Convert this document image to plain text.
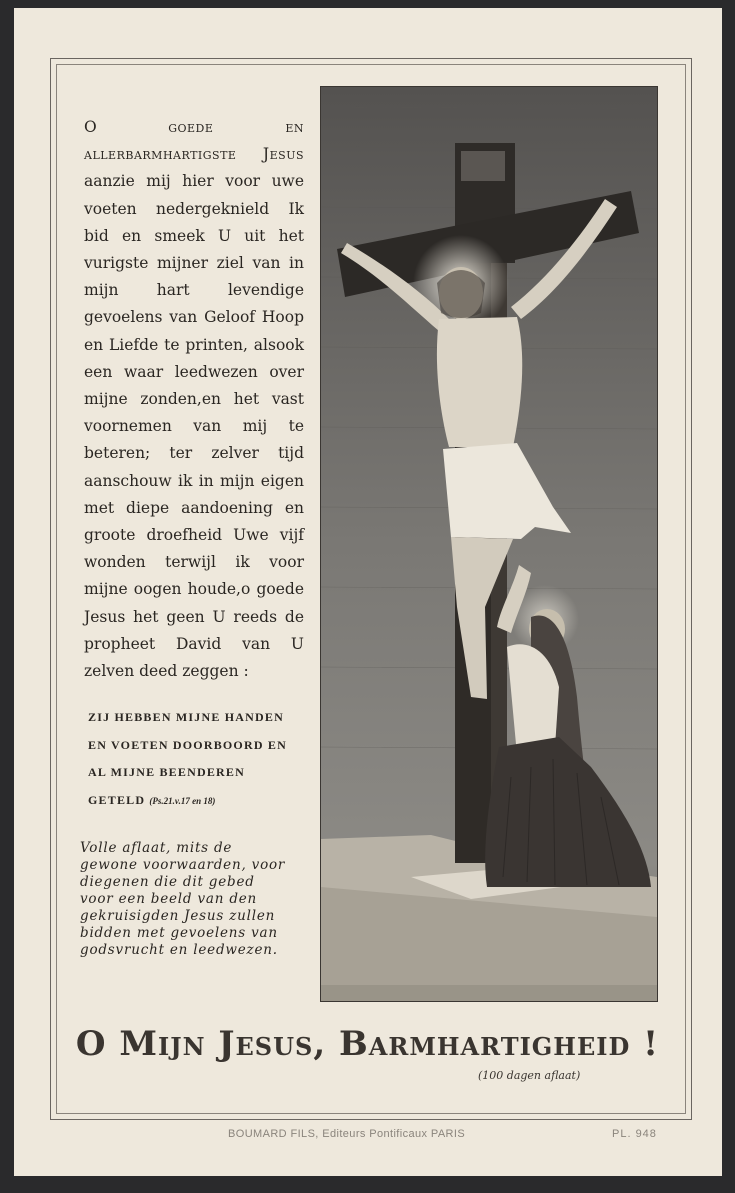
O	goede en allerbarmhartigste Jesus aanzie mij hier voor uwe voeten nedergeknield Ik bid en smeek U uit het vurigste mijner ziel van in mijn hart levendige gevoelens van Geloof Hoop en Liefde te printen, alsook een waar leedwezen over mijne zonden,en het vast voornemen van mij te beteren; ter zelver tijd aanschouw ik in mijn eigen met diepe aandoening en groote droefheid Uwe vijf wonden terwijl ik voor mijne oogen houde,o goede Jesus het geen U reeds de propheet David van U zelven deed zeggen :
ZIJ HEBBEN MIJNE HANDEN EN VOETEN DOORBOORD EN AL MIJNE BEENDEREN GETELD (Ps.21.v.17 en 18)
Volle aflaat, mits de gewone voorwaarden, voor diegenen die dit gebed voor een beeld van den gekruisigden Jesus zullen bidden met gevoelens van godsvrucht en leedwezen.
O Mijn Jesus, Barmhartigheid !
(100 dagen aflaat)
BOUMARD FILS, Editeurs Pontificaux PARIS	PL. 948
